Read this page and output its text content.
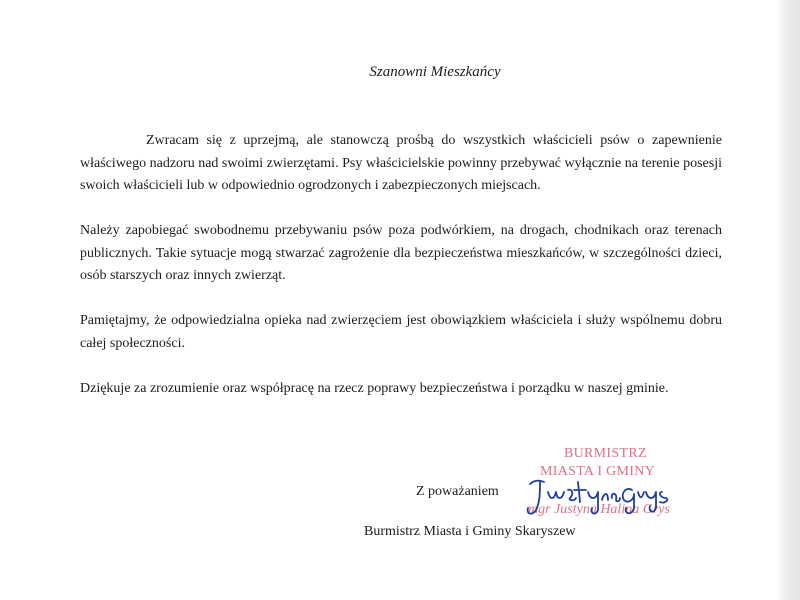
Szanowni Mieszkańcy

Zwracam się z uprzejmą, ale stanowczą prośbą do wszystkich właścicieli psów o zapewnienie właściwego nadzoru nad swoimi zwierzętami. Psy właścicielskie powinny przebywać wyłącznie na terenie posesji swoich właścicieli lub w odpowiednio ogrodzonych i zabezpieczonych miejscach.

Należy zapobiegać swobodnemu przebywaniu psów poza podwórkiem, na drogach, chodnikach oraz terenach publicznych. Takie sytuacje mogą stwarzać zagrożenie dla bezpieczeństwa mieszkańców, w szczególności dzieci, osób starszych oraz innych zwierząt.

Pamiętajmy, że odpowiedzialna opieka nad zwierzęciem jest obowiązkiem właściciela i służy wspólnemu dobru całej społeczności.

Dziękuje za zrozumienie oraz współpracę na rzecz poprawy bezpieczeństwa i porządku w naszej gminie.

BURMISTRZ
MIASTA I GMINY
mgr Justyna Halina Grys
Z poważaniem
Burmistrz Miasta i Gminy Skaryszew
